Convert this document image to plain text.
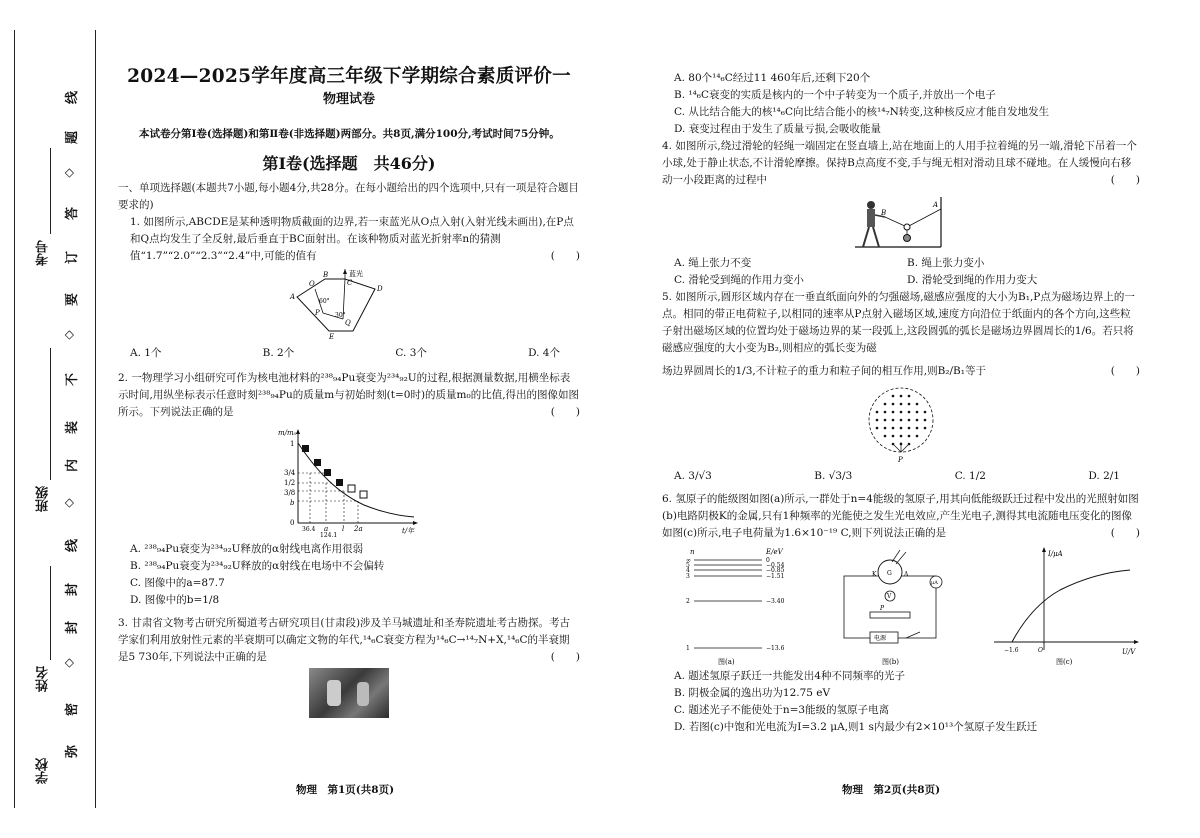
考号
班级
姓名
学校
线
题
◇
答
订
要
◇
不
装
内
◇
线
封
封
◇
密
弥
2024—2025学年度高三年级下学期综合素质评价一
物理试卷

本试卷分第Ⅰ卷(选择题)和第Ⅱ卷(非选择题)两部分。共8页,满分100分,考试时间75分钟。

第Ⅰ卷(选择题　共46分)

一、单项选择题(本题共7小题,每小题4分,共28分。在每小题给出的四个选项中,只有一项是符合题目要求的)

1. 如图所示,ABCDE是某种透明物质截面的边界,若一束蓝光从O点入射(入射光线未画出),在P点和Q点均发生了全反射,最后垂直于BC面射出。在该种物质对蓝光折射率n的猜测值“1.7”“2.0”“2.3”“2.4”中,可能的值有	(　　)

蓝光
O
B
C
D
A
P
Q
E
60°
30°
A. 1个	B. 2个	C. 3个	D. 4个

2. 一物理学习小组研究可作为核电池材料的²³⁸₉₄Pu衰变为²³⁴₉₂U的过程,根据测量数据,用横坐标表示时间,用纵坐标表示任意时刻²³⁸₉₄Pu的质量m与初始时刻(t=0时)的质量m₀的比值,得出的图像如图所示。下列说法正确的是	(　　)

m/m₀
1
3/4
1/2
3/8
b
0
36.4 a l 2a
124.1
t/年

A. ²³⁸₉₄Pu衰变为²³⁴₉₂U释放的α射线电离作用很弱

B. ²³⁸₉₄Pu衰变为²³⁴₉₂U释放的α射线在电场中不会偏转

C. 图像中的a=87.7

D. 图像中的b=1/8

3. 甘肃省文物考古研究所蜀道考古研究项目(甘肃段)涉及羊马城遗址和圣寿院遗址考古勘探。考古学家们利用放射性元素的半衰期可以确定文物的年代,¹⁴₆C衰变方程为¹⁴₆C→¹⁴₇N+X,¹⁴₆C的半衰期是5 730年,下列说法中正确的是	(　　)

物理　第1页(共8页)

A. 80个¹⁴₆C经过11 460年后,还剩下20个

B. ¹⁴₆C衰变的实质是核内的一个中子转变为一个质子,并放出一个电子

C. 从比结合能大的核¹⁴₆C向比结合能小的核¹⁴₇N转变,这种核反应才能自发地发生

D. 衰变过程由于发生了质量亏损,会吸收能量

4. 如图所示,绕过滑轮的轻绳一端固定在竖直墙上,站在地面上的人用手拉着绳的另一端,滑轮下吊着一个小球,处于静止状态,不计滑轮摩擦。保持B点高度不变,手与绳无相对滑动且球不碰地。在人缓慢向右移动一小段距离的过程中	(　　)

B
A
A. 绳上张力不变	B. 绳上张力变小
C. 滑轮受到绳的作用力变小	D. 滑轮受到绳的作用力变大

5. 如图所示,圆形区域内存在一垂直纸面向外的匀强磁场,磁感应强度的大小为B₁,P点为磁场边界上的一点。相同的带正电荷粒子,以相同的速率从P点射入磁场区域,速度方向沿位于纸面内的各个方向,这些粒子射出磁场区域的位置均处于磁场边界的某一段弧上,这段圆弧的弧长是磁场边界圆周长的1/6。若只将磁感应强度的大小变为B₂,则相应的弧长变为磁

场边界圆周长的1/3,不计粒子的重力和粒子间的相互作用,则B₂/B₁等于	(　　)

P
A. 3/√3	B. √3/3	C. 1/2	D. 2/1

6. 氢原子的能级图如图(a)所示,一群处于n=4能级的氢原子,用其向低能级跃迁过程中发出的光照射如图(b)电路阴极K的金属,只有1种频率的光能使之发生光电效应,产生光电子,测得其电流随电压变化的图像如图(c)所示,电子电荷量为1.6×10⁻¹⁹ C,则下列说法正确的是	(　　)

n	E/eV
∞	0
5	−0.54
4	−0.85
3	−1.51
2	−3.40
1	−13.6
图(a)
K	A
G
V
μA
P
电源
图(b)
I/μA
U/V
−1.6	O
图(c)

A. 题述氢原子跃迁一共能发出4种不同频率的光子

B. 阴极金属的逸出功为12.75 eV

C. 题述光子不能使处于n=3能级的氢原子电离

D. 若图(c)中饱和光电流为I=3.2 μA,则1 s内最少有2×10¹³个氢原子发生跃迁

物理　第2页(共8页)
